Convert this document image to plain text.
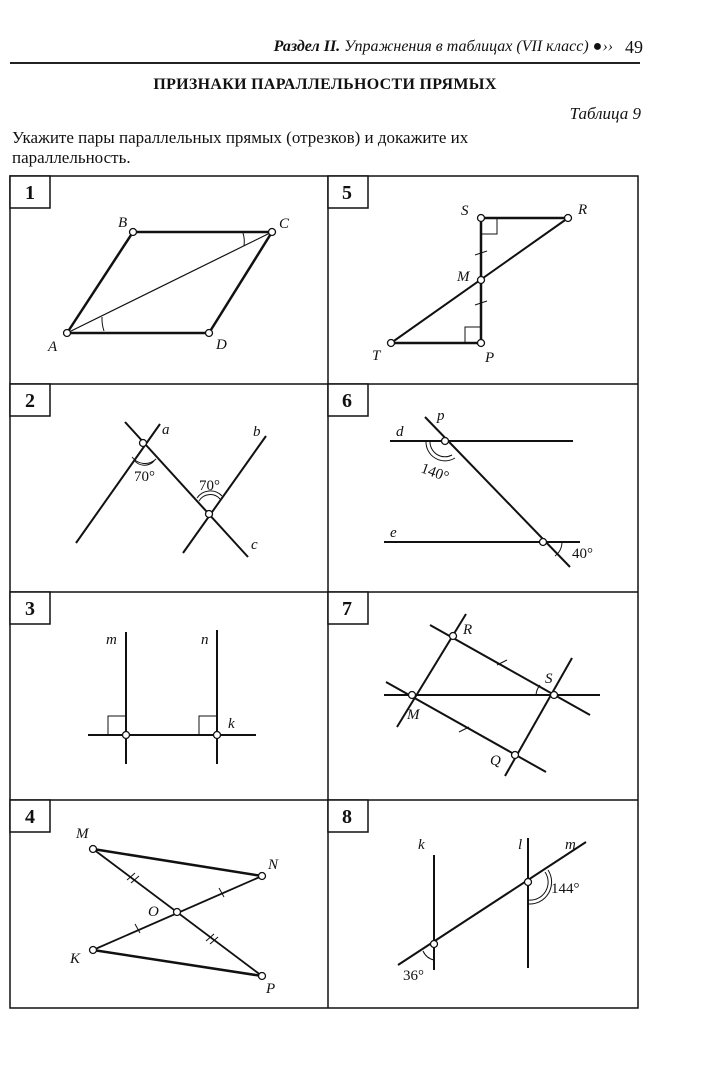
Раздел II. Упражнения в таблицах (VII класс) ●›› 49
ПРИЗНАКИ ПАРАЛЛЕЛЬНОСТИ ПРЯМЫХ
Таблица 9
Укажите пары параллельных прямых (отрезков) и докажите их параллельность.
1	5
2	6
3	7
4	8
B	C
A	D
S	R
M
T	P
a	b
c
70°
70°
p
d
e
140°
40°
m	n
k
R
S
M
Q
M
N
O
K
P
k	l	m
144°
36°
